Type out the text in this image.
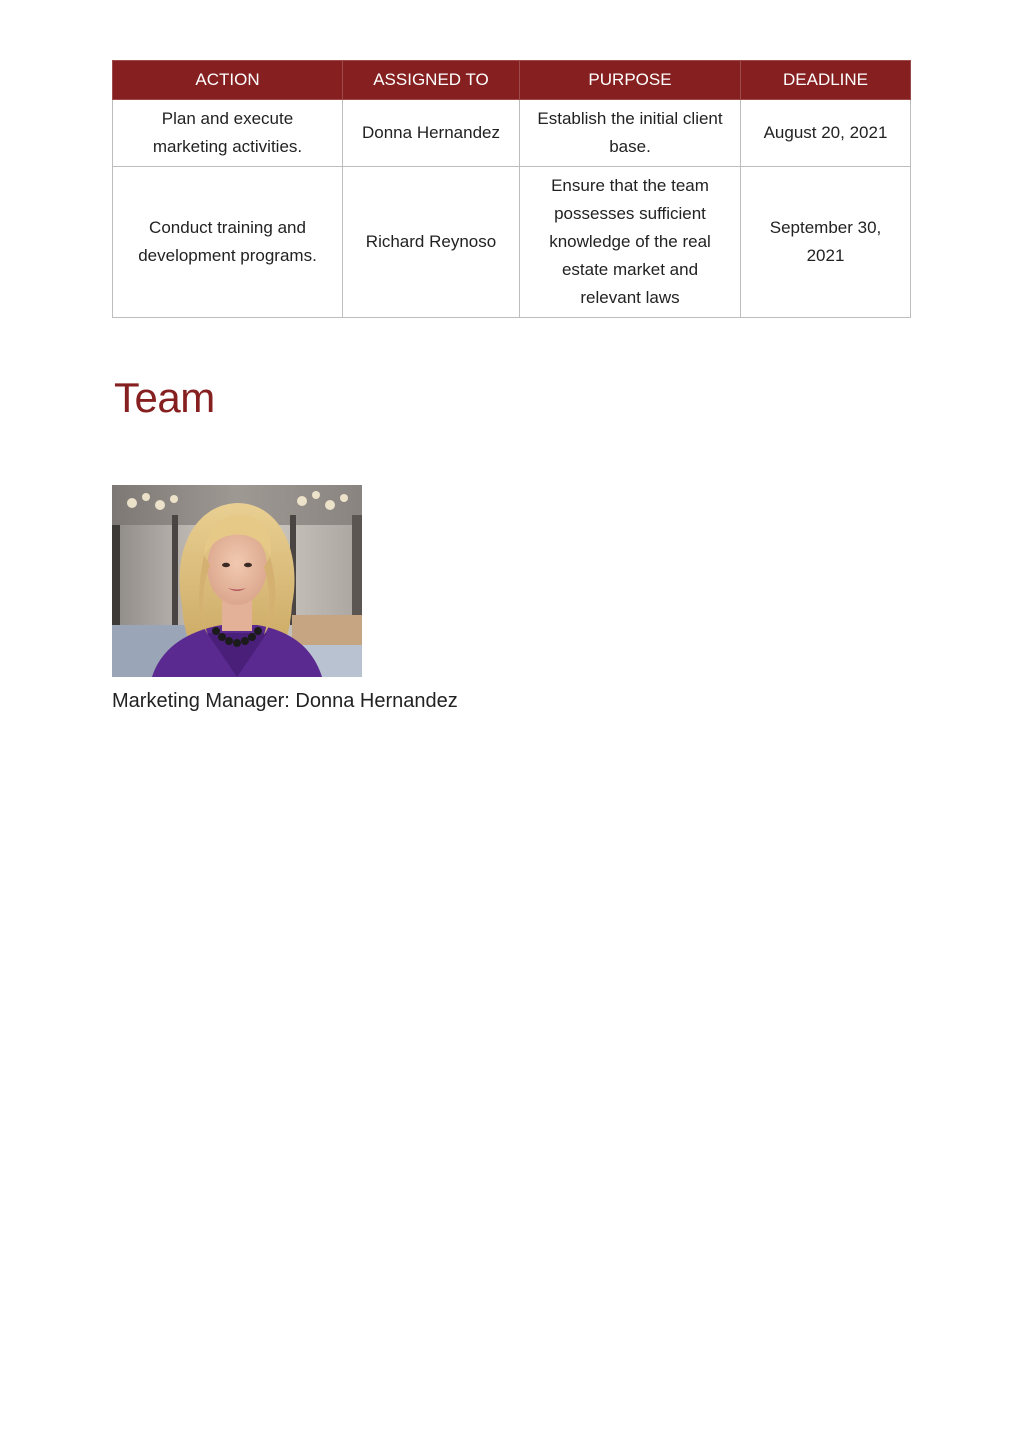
ACTION	ASSIGNED TO	PURPOSE	DEADLINE
Plan and execute marketing activities.	Donna Hernandez	Establish the initial client base.	August 20, 2021
Conduct training and development programs.	Richard Reynoso	Ensure that the team possesses sufficient knowledge of the real estate market and relevant laws	September 30, 2021
Team

Marketing Manager: Donna Hernandez
